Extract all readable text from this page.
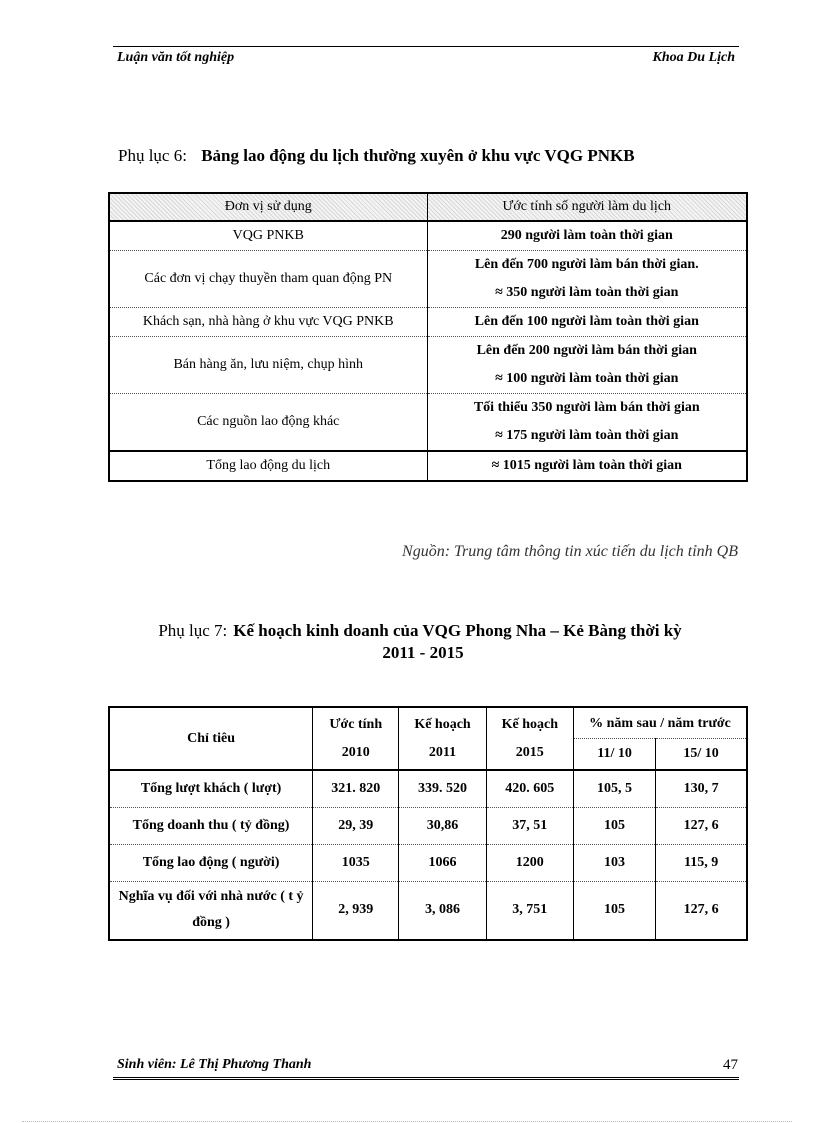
Luận văn tốt nghiệp	Khoa Du Lịch
Phụ lục 6: Bảng lao động du lịch thường xuyên ở khu vực VQG PNKB
Đơn vị sử dụng	Ước tính số người làm du lịch
VQG PNKB	290 người làm toàn thời gian
Các đơn vị chạy thuyền tham quan động PN	Lên đến 700 người làm bán thời gian.
≈ 350 người làm toàn thời gian

Khách sạn, nhà hàng ở khu vực VQG PNKB	Lên đến 100 người làm toàn thời gian
Bán hàng ăn, lưu niệm, chụp hình	Lên đến 200 người làm bán thời gian
≈ 100 người làm toàn thời gian

Các nguồn lao động khác	Tối thiểu 350 người làm bán thời gian
≈ 175 người làm toàn thời gian

Tổng lao động du lịch	≈ 1015 người làm toàn thời gian
Nguồn: Trung tâm thông tin xúc tiến du lịch tỉnh QB
Phụ lục 7: Kế hoạch kinh doanh của VQG Phong Nha – Kẻ Bàng thời kỳ
2011 - 2015
Chỉ tiêu	Ước tính 2010	Kế hoạch 2011	Kế hoạch 2015	% năm sau / năm trước	
				11/ 10	15/ 10
Tổng lượt khách ( lượt)	321. 820	339. 520	420. 605	105, 5	130, 7
Tổng doanh thu ( tỷ đồng)	29, 39	30,86	37, 51	105	127, 6
Tổng lao động ( người)	1035	1066	1200	103	115, 9
Nghĩa vụ đối với nhà nước ( t ỷ đồng )	2, 939	3, 086	3, 751	105	127, 6
Sinh viên: Lê Thị Phương Thanh	47
